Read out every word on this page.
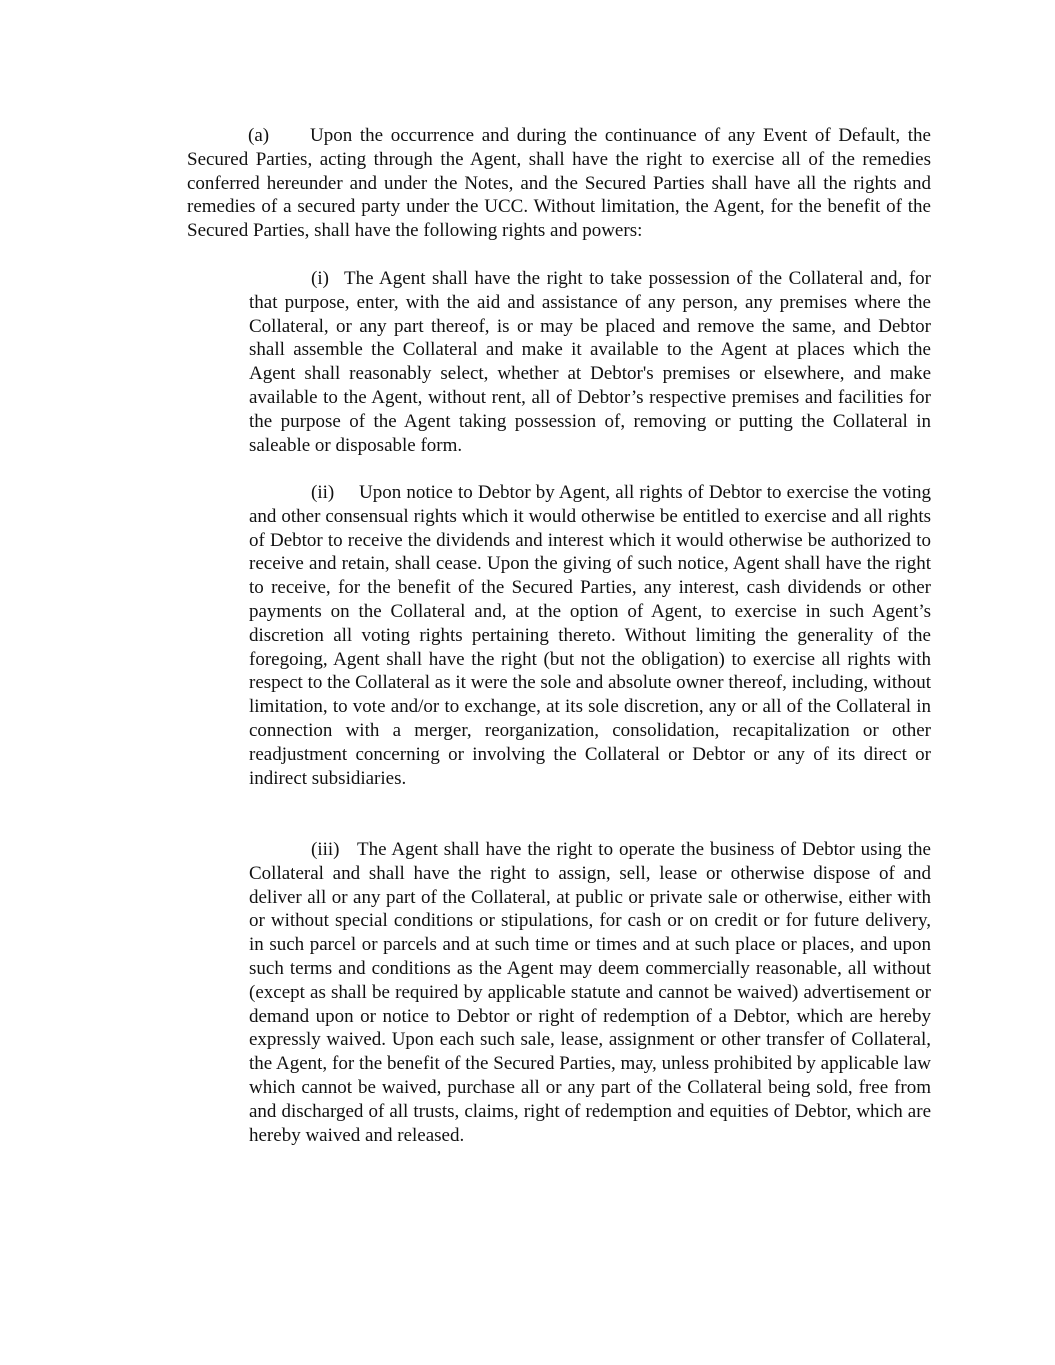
(a) Upon the occurrence and during the continuance of any Event of Default, the Secured Parties, acting through the Agent, shall have the right to exercise all of the remedies conferred hereunder and under the Notes, and the Secured Parties shall have all the rights and remedies of a secured party under the UCC. Without limitation, the Agent, for the benefit of the Secured Parties, shall have the following rights and powers:

(i) The Agent shall have the right to take possession of the Collateral and, for that purpose, enter, with the aid and assistance of any person, any premises where the Collateral, or any part thereof, is or may be placed and remove the same, and Debtor shall assemble the Collateral and make it available to the Agent at places which the Agent shall reasonably select, whether at Debtor's premises or elsewhere, and make available to the Agent, without rent, all of Debtor’s respective premises and facilities for the purpose of the Agent taking possession of, removing or putting the Collateral in saleable or disposable form.

(ii) Upon notice to Debtor by Agent, all rights of Debtor to exercise the voting and other consensual rights which it would otherwise be entitled to exercise and all rights of Debtor to receive the dividends and interest which it would otherwise be authorized to receive and retain, shall cease. Upon the giving of such notice, Agent shall have the right to receive, for the benefit of the Secured Parties, any interest, cash dividends or other payments on the Collateral and, at the option of Agent, to exercise in such Agent’s discretion all voting rights pertaining thereto. Without limiting the generality of the foregoing, Agent shall have the right (but not the obligation) to exercise all rights with respect to the Collateral as it were the sole and absolute owner thereof, including, without limitation, to vote and/or to exchange, at its sole discretion, any or all of the Collateral in connection with a merger, reorganization, consolidation, recapitalization or other readjustment concerning or involving the Collateral or Debtor or any of its direct or indirect subsidiaries.

(iii) The Agent shall have the right to operate the business of Debtor using the Collateral and shall have the right to assign, sell, lease or otherwise dispose of and deliver all or any part of the Collateral, at public or private sale or otherwise, either with or without special conditions or stipulations, for cash or on credit or for future delivery, in such parcel or parcels and at such time or times and at such place or places, and upon such terms and conditions as the Agent may deem commercially reasonable, all without (except as shall be required by applicable statute and cannot be waived) advertisement or demand upon or notice to Debtor or right of redemption of a Debtor, which are hereby expressly waived. Upon each such sale, lease, assignment or other transfer of Collateral, the Agent, for the benefit of the Secured Parties, may, unless prohibited by applicable law which cannot be waived, purchase all or any part of the Collateral being sold, free from and discharged of all trusts, claims, right of redemption and equities of Debtor, which are hereby waived and released.
